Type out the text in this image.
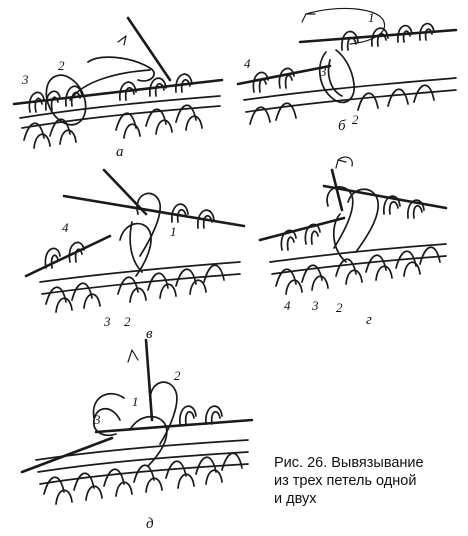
3
2
а
4
3
1
2
б
4	1
3 2
в
4 3 2
г
3
1
2
д
Рис. 26. Вывязывание
из трех петель одной
и двух
